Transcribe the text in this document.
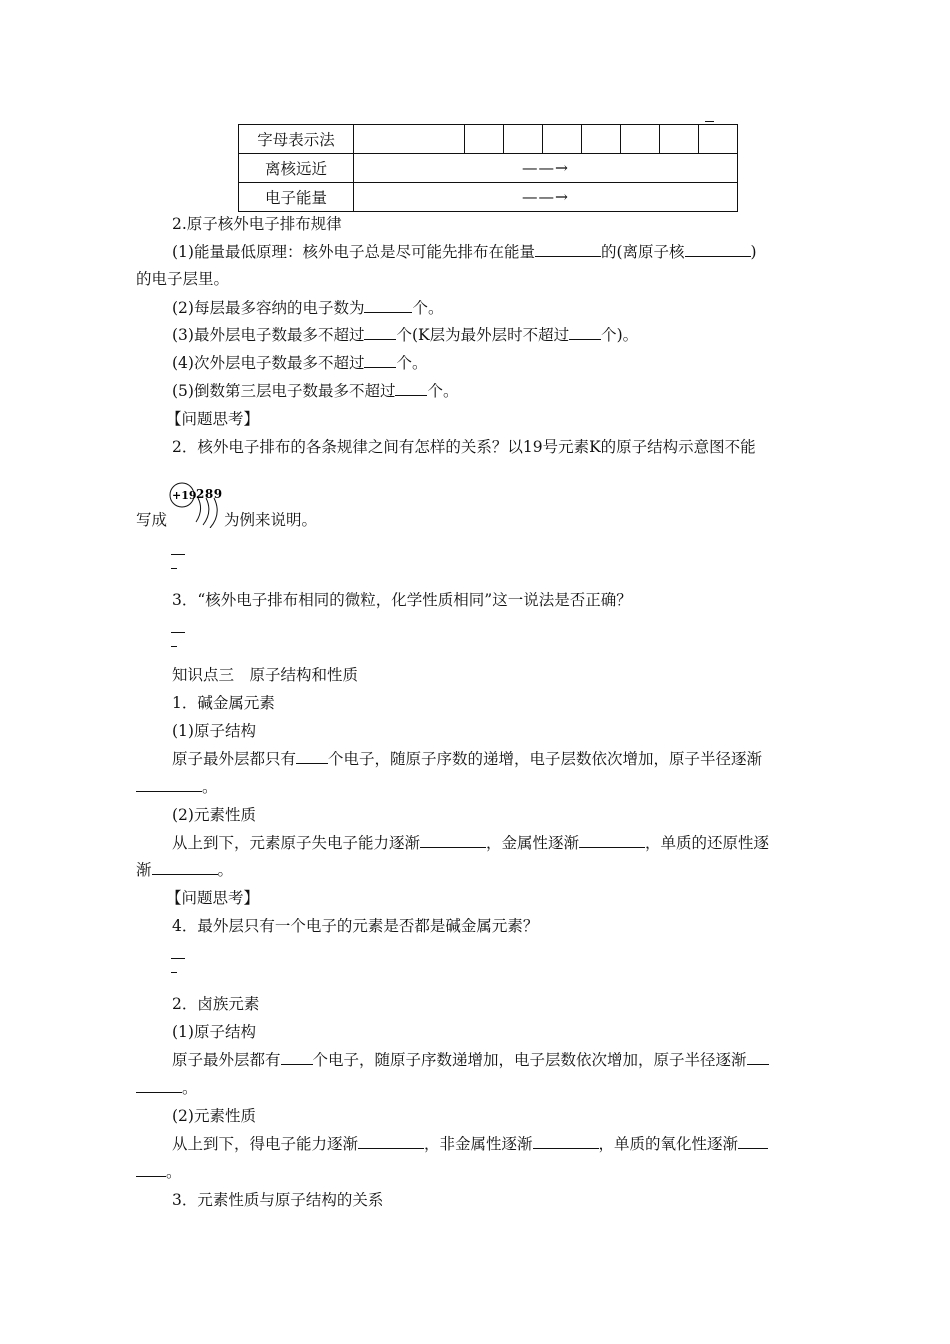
字母表示法								
离核远近	——→							
电子能量	——→							
2.原子核外电子排布规律
(1)能量最低原理：核外电子总是尽可能先排布在能量	的(离原子核	)
的电子层里。
(2)每层最多容纳的电子数为	个。
(3)最外层电子数最多不超过 个(K层为最外层时不超过 个)。
(4)次外层电子数最多不超过 个。
(5)倒数第三层电子数最多不超过 个。
【问题思考】
2．核外电子排布的各条规律之间有怎样的关系？以19号元素K的原子结构示意图不能
+19 289
写成	为例来说明。
3．“核外电子排布相同的微粒，化学性质相同”这一说法是否正确？
知识点三　原子结构和性质
1．碱金属元素
(1)原子结构
原子最外层都只有 个电子，随原子序数的递增，电子层数依次增加，原子半径逐渐
。
(2)元素性质
从上到下，元素原子失电子能力逐渐	，金属性逐渐	，单质的还原性逐
渐	。
【问题思考】
4．最外层只有一个电子的元素是否都是碱金属元素？
2．卤族元素
(1)原子结构
原子最外层都有 个电子，随原子序数递增加，电子层数依次增加，原子半径逐渐
。
(2)元素性质
从上到下，得电子能力逐渐	，非金属性逐渐	，单质的氧化性逐渐
。
3．元素性质与原子结构的关系
